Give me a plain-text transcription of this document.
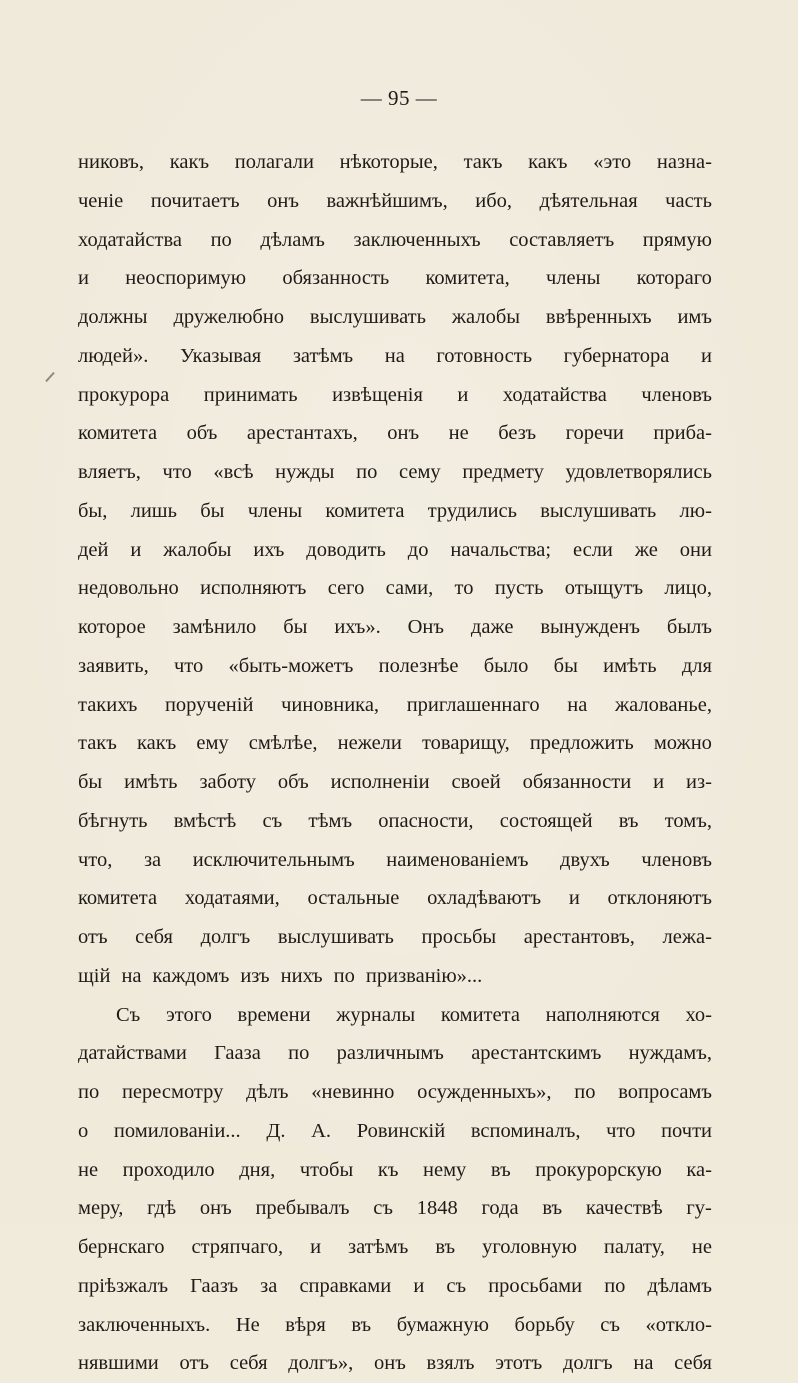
— 95 —
никовъ, какъ полагали нѣкоторые, такъ какъ «это назна-
ченіе почитаетъ онъ важнѣйшимъ, ибо, дѣятельная часть
ходатайства по дѣламъ заключенныхъ составляетъ прямую
и неоспоримую обязанность комитета, члены котораго
должны дружелюбно выслушивать жалобы ввѣренныхъ имъ
людей». Указывая затѣмъ на готовность губернатора и
прокурора принимать извѣщенія и ходатайства членовъ
комитета объ арестантахъ, онъ не безъ горечи приба-
вляетъ, что «всѣ нужды по сему предмету удовлетворялись
бы, лишь бы члены комитета трудились выслушивать лю-
дей и жалобы ихъ доводить до начальства; если же они
недовольно исполняютъ сего сами, то пусть отыщутъ лицо,
которое замѣнило бы ихъ». Онъ даже вынужденъ былъ
заявить, что «быть-можетъ полезнѣе было бы имѣть для
такихъ порученій чиновника, приглашеннаго на жалованье,
такъ какъ ему смѣлѣе, нежели товарищу, предложить можно
бы имѣть заботу объ исполненіи своей обязанности и из-
бѣгнуть вмѣстѣ съ тѣмъ опасности, состоящей въ томъ,
что, за исключительнымъ наименованіемъ двухъ членовъ
комитета ходатаями, остальные охладѣваютъ и отклоняютъ
отъ себя долгъ выслушивать просьбы арестантовъ, лежа-
щій на каждомъ изъ нихъ по призванію»...
Съ этого времени журналы комитета наполняются хо-
датайствами Гааза по различнымъ арестантскимъ нуждамъ,
по пересмотру дѣлъ «невинно осужденныхъ», по вопросамъ
о помилованіи... Д. А. Ровинскій вспоминалъ, что почти
не проходило дня, чтобы къ нему въ прокурорскую ка-
меру, гдѣ онъ пребывалъ съ 1848 года въ качествѣ гу-
бернскаго стряпчаго, и затѣмъ въ уголовную палату, не
пріѣзжалъ Гаазъ за справками и съ просьбами по дѣламъ
заключенныхъ. Не вѣря въ бумажную борьбу съ «откло-
нявшими отъ себя долгъ», онъ взялъ этотъ долгъ на себя
